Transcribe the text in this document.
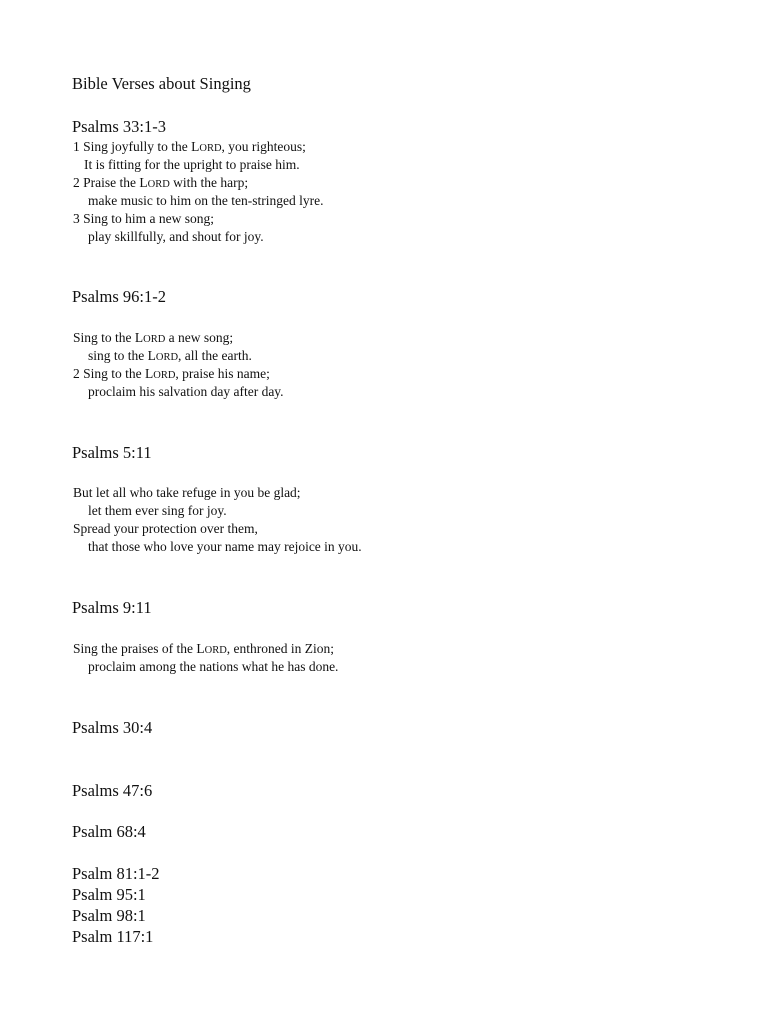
Bible Verses about Singing
Psalms 33:1-3
1 Sing joyfully to the LORD, you righteous;
It is fitting for the upright to praise him.
2 Praise the LORD with the harp;
make music to him on the ten-stringed lyre.
3 Sing to him a new song;
play skillfully, and shout for joy.
Psalms 96:1-2
Sing to the LORD a new song;
sing to the LORD, all the earth.
2 Sing to the LORD, praise his name;
proclaim his salvation day after day.
Psalms 5:11
But let all who take refuge in you be glad;
let them ever sing for joy.
Spread your protection over them,
that those who love your name may rejoice in you.
Psalms 9:11
Sing the praises of the LORD, enthroned in Zion;
proclaim among the nations what he has done.
Psalms 30:4
Psalms 47:6
Psalm 68:4
Psalm 81:1-2
Psalm 95:1
Psalm 98:1
Psalm 117:1
